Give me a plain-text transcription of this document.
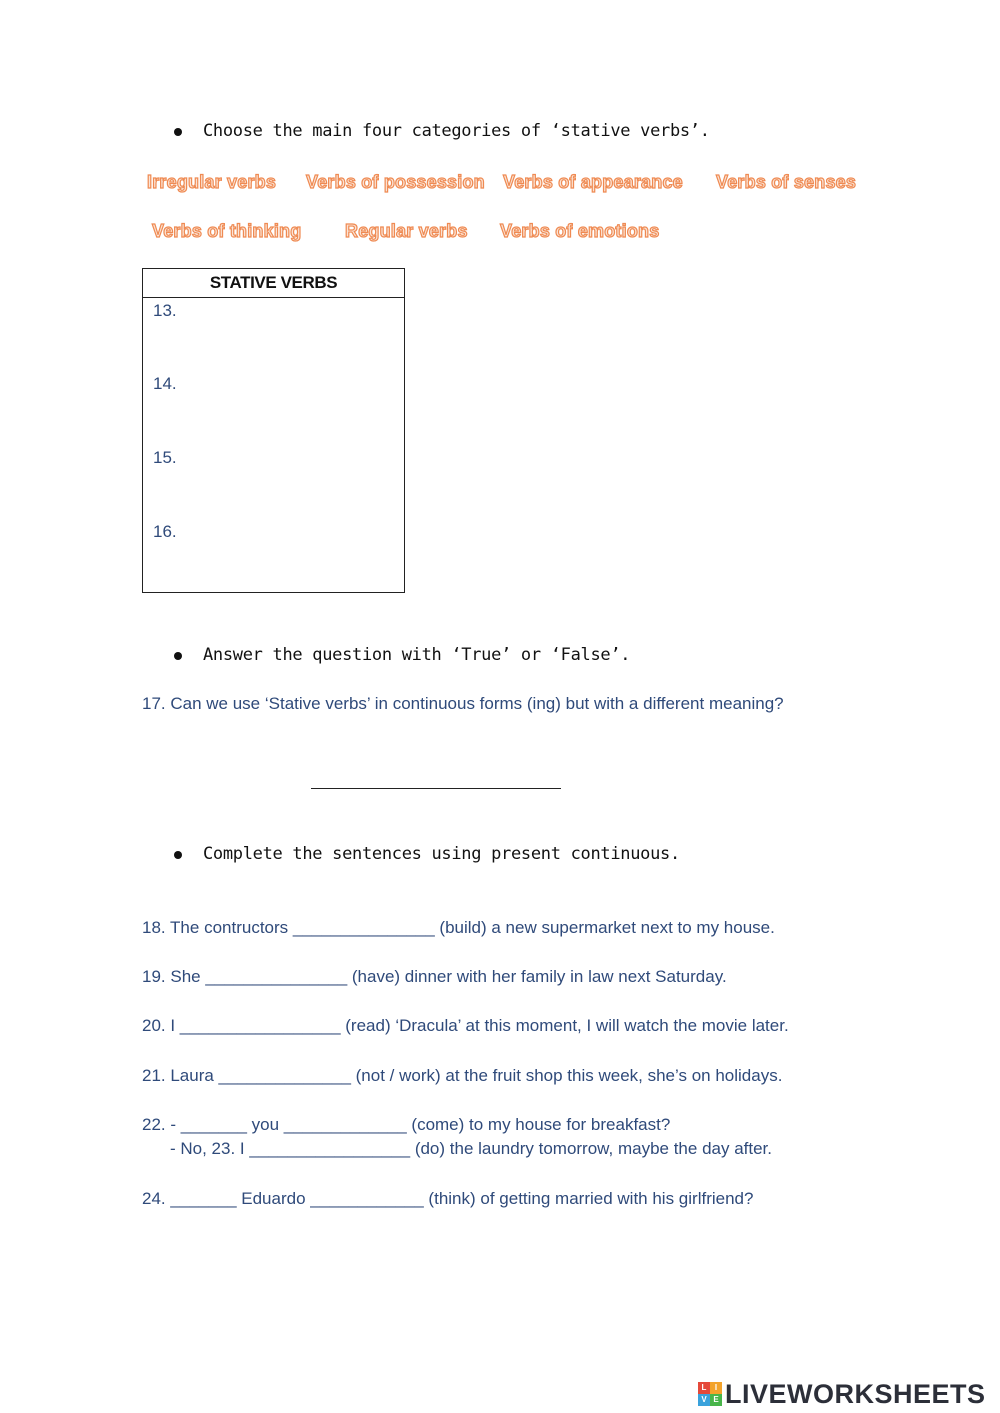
Choose the main four categories of ‘stative verbs’.
Irregular verbs Verbs of possession Verbs of appearance Verbs of senses
Verbs of thinking Regular verbs Verbs of emotions
STATIVE VERBS
13.
14.
15.
16.
Answer the question with ‘True’ or ‘False’.
17. Can we use ‘Stative verbs’ in continuous forms (ing) but with a different meaning?
Complete the sentences using present continuous.
18. The contructors _______________ (build) a new supermarket next to my house.
19. She _______________ (have) dinner with her family in law next Saturday.
20. I _________________ (read) ‘Dracula’ at this moment, I will watch the movie later.
21. Laura ______________ (not / work) at the fruit shop this week, she’s on holidays.
22. - _______ you _____________ (come) to my house for breakfast?
- No, 23. I _________________ (do) the laundry tomorrow, maybe the day after.
24. _______ Eduardo ____________ (think) of getting married with his girlfriend?
L	I
V E LIVEWORKSHEETS
